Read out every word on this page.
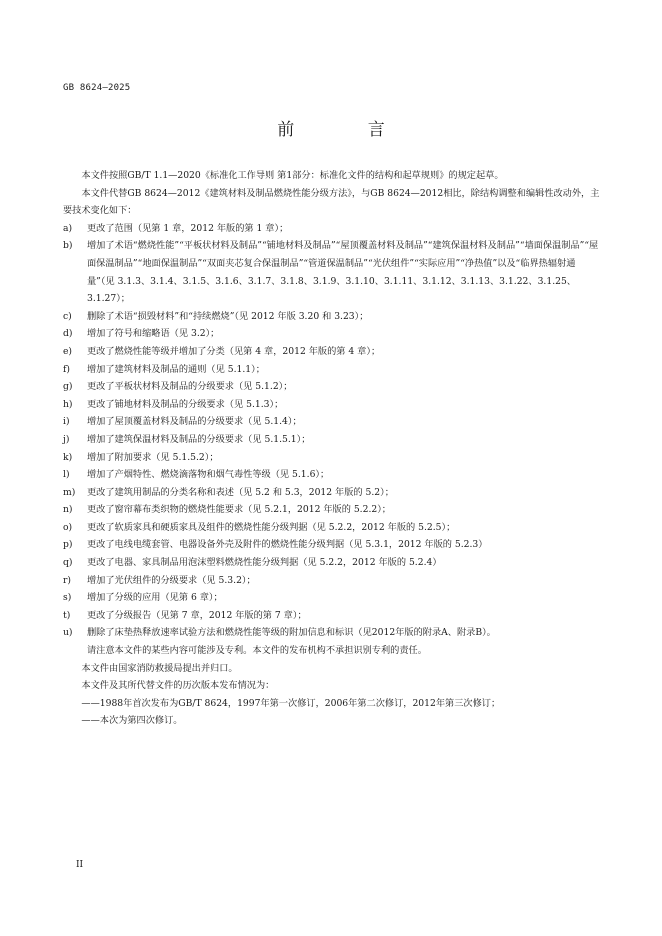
GB 8624—2025
前 言

本文件按照GB/T 1.1—2020《标准化工作导则 第1部分：标准化文件的结构和起草规则》的规定起草。

本文件代替GB 8624—2012《建筑材料及制品燃烧性能分级方法》，与GB 8624—2012相比，除结构调整和编辑性改动外，主要技术变化如下：

a) 更改了范围（见第 1 章，2012 年版的第 1 章）；
b) 增加了术语“燃烧性能”“平板状材料及制品”“铺地材料及制品”“屋顶覆盖材料及制品”“建筑保温材料及制品”“墙面保温制品”“屋面保温制品”“地面保温制品”“双面夹芯复合保温制品”“管道保温制品”“光伏组件”“实际应用”“净热值”以及“临界热辐射通量”（见 3.1.3、3.1.4、3.1.5、3.1.6、3.1.7、3.1.8、3.1.9、3.1.10、3.1.11、3.1.12、3.1.13、3.1.22、3.1.25、3.1.27）；
c) 删除了术语“损毁材料”和“持续燃烧”（见 2012 年版 3.20 和 3.23）；
d) 增加了符号和缩略语（见 3.2）；
e) 更改了燃烧性能等级并增加了分类（见第 4 章，2012 年版的第 4 章）；
f) 增加了建筑材料及制品的通则（见 5.1.1）；
g) 更改了平板状材料及制品的分级要求（见 5.1.2）；
h) 更改了铺地材料及制品的分级要求（见 5.1.3）；
i) 增加了屋顶覆盖材料及制品的分级要求（见 5.1.4）；
j) 增加了建筑保温材料及制品的分级要求（见 5.1.5.1）；
k) 增加了附加要求（见 5.1.5.2）；
l) 增加了产烟特性、燃烧滴落物和烟气毒性等级（见 5.1.6）；
m) 更改了建筑用制品的分类名称和表述（见 5.2 和 5.3，2012 年版的 5.2）；
n) 更改了窗帘幕布类织物的燃烧性能要求（见 5.2.1，2012 年版的 5.2.2）；
o) 更改了软质家具和硬质家具及组件的燃烧性能分级判据（见 5.2.2，2012 年版的 5.2.5）；
p) 更改了电线电缆套管、电器设备外壳及附件的燃烧性能分级判据（见 5.3.1，2012 年版的 5.2.3）
q) 更改了电器、家具制品用泡沫塑料燃烧性能分级判据（见 5.2.2，2012 年版的 5.2.4）
r) 增加了光伏组件的分级要求（见 5.3.2）；
s) 增加了分级的应用（见第 6 章）；
t) 更改了分级报告（见第 7 章，2012 年版的第 7 章）；
u) 删除了床垫热释放速率试验方法和燃烧性能等级的附加信息和标识（见2012年版的附录A、附录B）。
请注意本文件的某些内容可能涉及专利。本文件的发布机构不承担识别专利的责任。

本文件由国家消防救援局提出并归口。

本文件及其所代替文件的历次版本发布情况为：

——1988年首次发布为GB/T 8624，1997年第一次修订，2006年第二次修订，2012年第三次修订；

——本次为第四次修订。

II
